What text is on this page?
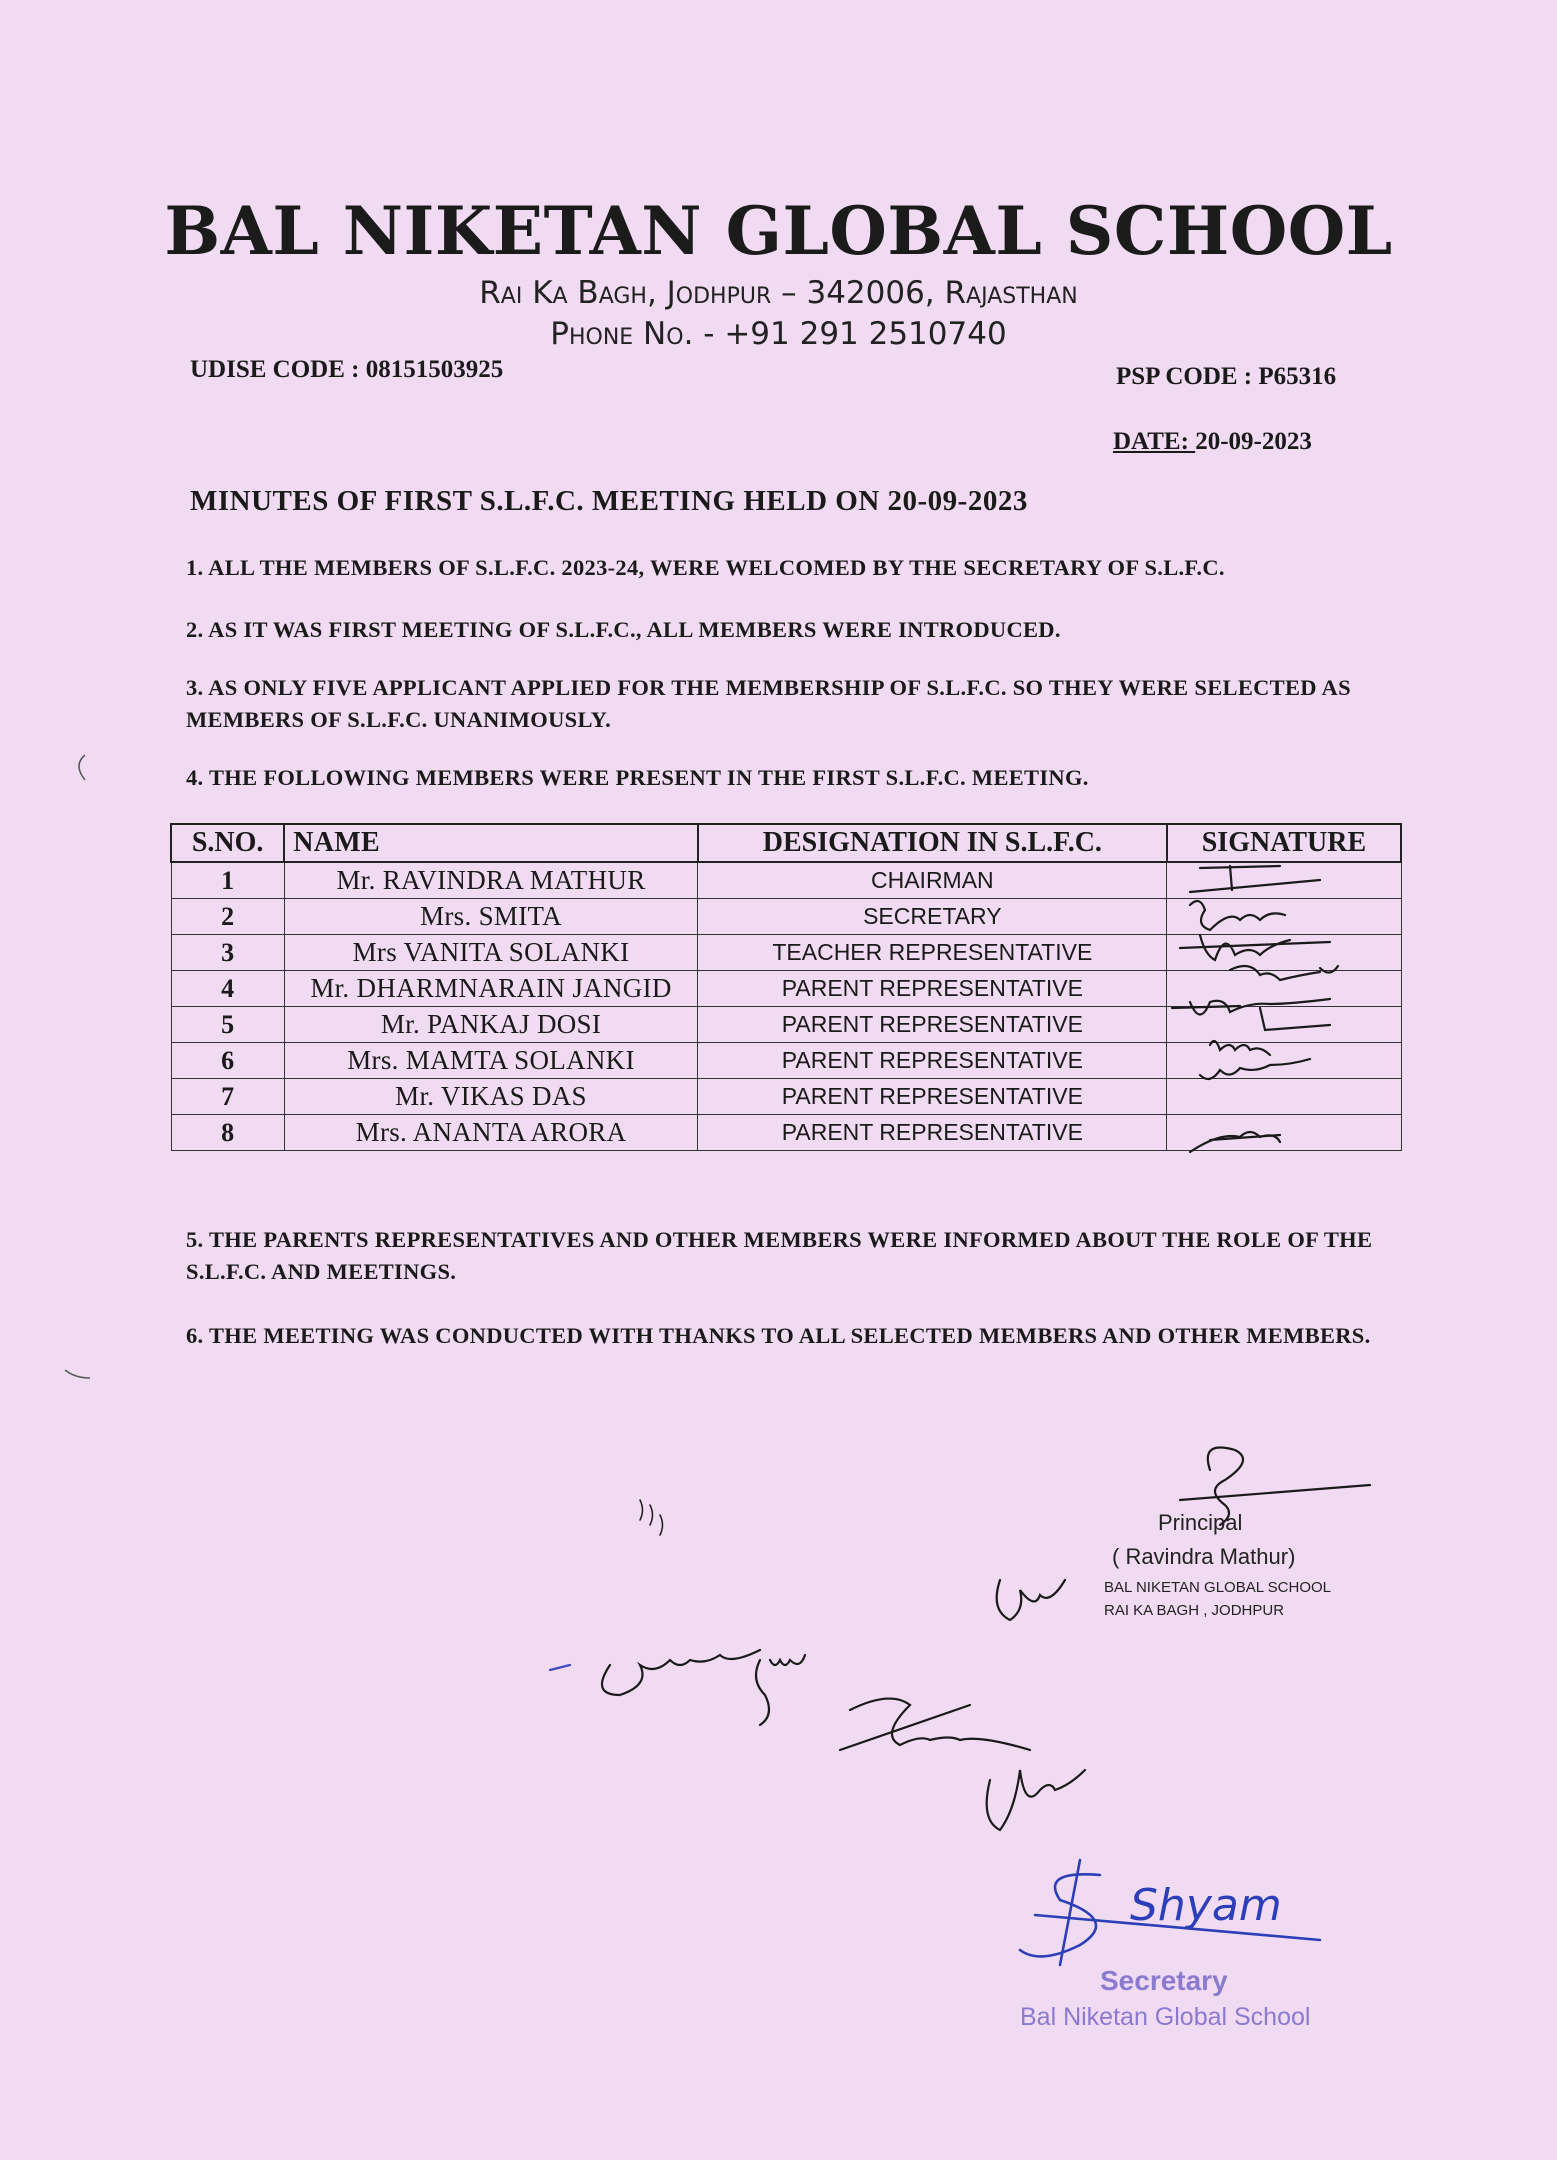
BAL NIKETAN GLOBAL SCHOOL
Rai Ka Bagh, Jodhpur – 342006, Rajasthan
Phone No. - +91 291 2510740
UDISE CODE : 08151503925	PSP CODE : P65316
DATE: 20-09-2023
MINUTES OF FIRST S.L.F.C. MEETING HELD ON 20-09-2023
1. ALL THE MEMBERS OF S.L.F.C. 2023-24, WERE WELCOMED BY THE SECRETARY OF S.L.F.C.
2. AS IT WAS FIRST MEETING OF S.L.F.C., ALL MEMBERS WERE INTRODUCED.
3. AS ONLY FIVE APPLICANT APPLIED FOR THE MEMBERSHIP OF S.L.F.C. SO THEY WERE SELECTED AS MEMBERS OF S.L.F.C. UNANIMOUSLY.
4. THE FOLLOWING MEMBERS WERE PRESENT IN THE FIRST S.L.F.C. MEETING.
S.NO.	NAME	DESIGNATION IN S.L.F.C.	SIGNATURE
1	Mr. RAVINDRA MATHUR	CHAIRMAN	
2	Mrs. SMITA	SECRETARY	
3	Mrs VANITA SOLANKI	TEACHER REPRESENTATIVE	
4	Mr. DHARMNARAIN JANGID	PARENT REPRESENTATIVE	
5	Mr. PANKAJ DOSI	PARENT REPRESENTATIVE	
6	Mrs. MAMTA SOLANKI	PARENT REPRESENTATIVE	
7	Mr. VIKAS DAS	PARENT REPRESENTATIVE	
8	Mrs. ANANTA ARORA	PARENT REPRESENTATIVE	
5. THE PARENTS REPRESENTATIVES AND OTHER MEMBERS WERE INFORMED ABOUT THE ROLE OF THE S.L.F.C. AND MEETINGS.
6. THE MEETING WAS CONDUCTED WITH THANKS TO ALL SELECTED MEMBERS AND OTHER MEMBERS.
Principal
( Ravindra Mathur)
BAL NIKETAN GLOBAL SCHOOL
RAI KA BAGH , JODHPUR
Shyam
Secretary
Bal Niketan Global School
